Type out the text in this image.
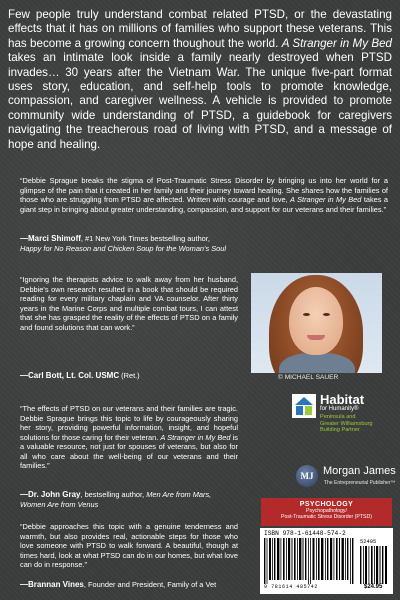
Few people truly understand combat related PTSD, or the devastating effects that it has on millions of families who support these veterans. This has become a growing concern thoughout the world. A Stranger in My Bed takes an intimate look inside a family nearly destroyed when PTSD invades… 30 years after the Vietnam War. The unique five-part format uses story, education, and self-help tools to promote knowledge, compassion, and caregiver wellness. A vehicle is provided to promote community wide understanding of PTSD, a guidebook for caregivers navigating the treacherous road of living with PTSD, and a message of hope and healing.

“Debbie Sprague breaks the stigma of Post-Traumatic Stress Disorder by bringing us into her world for a glimpse of the pain that it created in her family and their journey toward healing. She shares how the families of those who are struggling from PTSD are affected. Written with courage and love, A Stranger in My Bed takes a giant step in bringing about greater understanding, compassion, and support for our veterans and their families.”

—Marci Shimoff, #1 New York Times bestselling author,
Happy for No Reason and Chicken Soup for the Woman's Soul

“Ignoring the therapists advice to walk away from her husband, Debbie's own research resulted in a book that should be required reading for every military chaplain and VA counselor. After thirty years in the Marine Corps and multiple combat tours, I can attest that she has grasped the reality of the effects of PTSD on a family and found solutions that can work.”

—Carl Bott, Lt. Col. USMC (Ret.)

“The effects of PTSD on our veterans and their families are tragic. Debbie Sprague brings this topic to life by courageously sharing her story, providing powerful information, insight, and hopeful solutions for those caring for their veteran. A Stranger in My Bed is a valuable resource, not just for spouses of veterans, but also for all who care about the well-being of our veterans and their families.”

—Dr. John Gray, bestselling author, Men Are from Mars, Women Are from Venus

“Debbie approaches this topic with a genuine tenderness and warmth, but also provides real, actionable steps for those who love someone with PTSD to walk forward. A beautiful, though at times hard, look at what PTSD can do in our homes, but what love can do in response.”

—Brannan Vines, Founder and President, Family of a Vet

© MICHAEL SAUER

Habitat

for Humanity®

Peninsula and
Greater Williamsburg
Building Partner

MJ Morgan James

The Entrepreneurial Publisher™

PSYCHOLOGY

Psychopathology/

Post-Traumatic Stress Disorder (PTSD)

ISBN 978-1-61448-574-2

52495

9 781614 485742	$24.95
